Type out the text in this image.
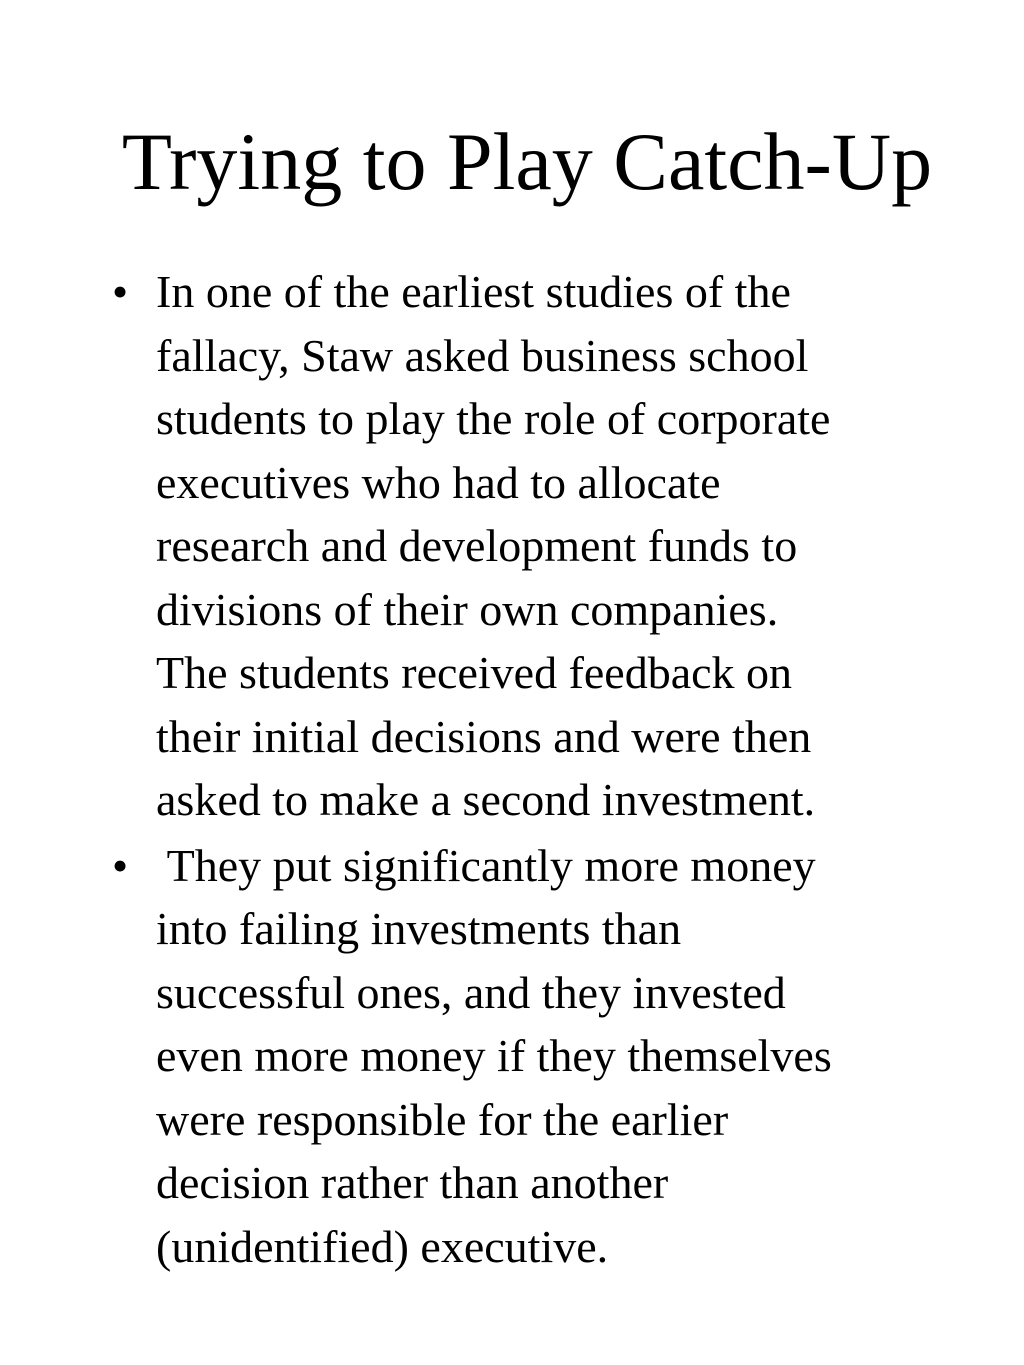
Trying to Play Catch-Up
• In one of the earliest studies of the
fallacy, Staw asked business school
students to play the role of corporate
executives who had to allocate
research and development funds to
divisions of their own companies.
The students received feedback on
their initial decisions and were then
asked to make a second investment.
• They put significantly more money
into failing investments than
successful ones, and they invested
even more money if they themselves
were responsible for the earlier
decision rather than another
(unidentified) executive.
